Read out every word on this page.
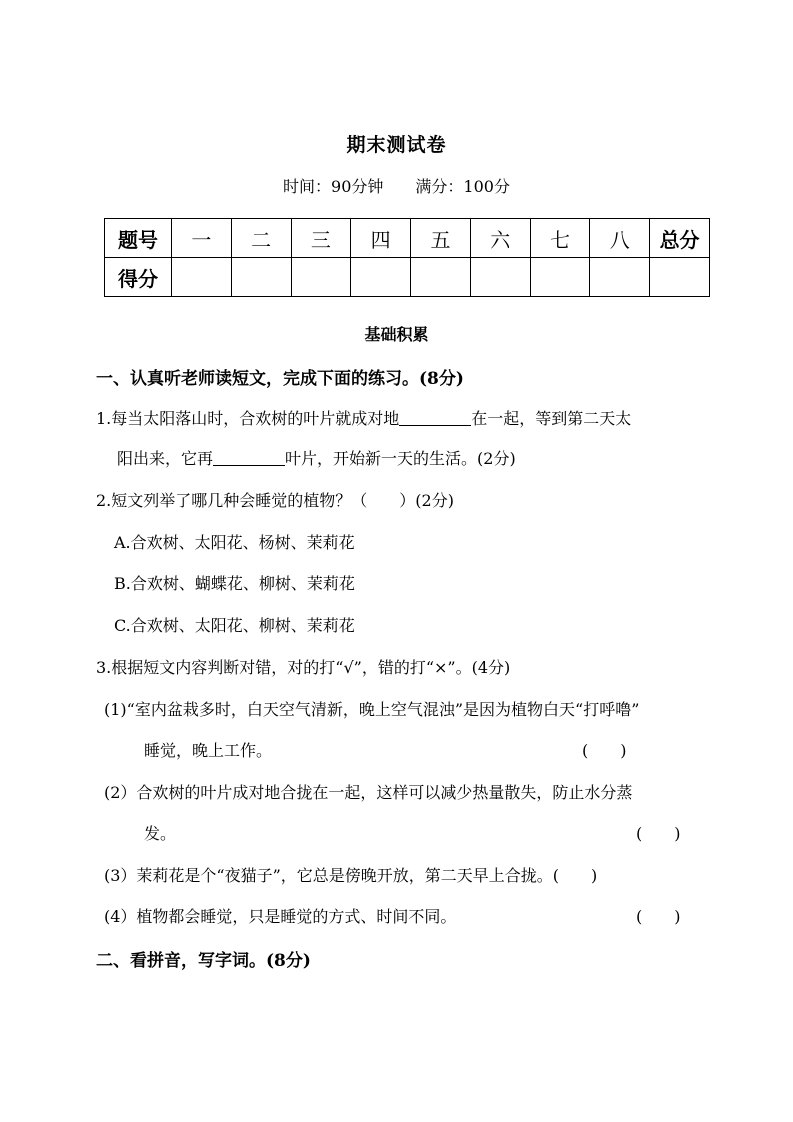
期末测试卷
时间：90分钟 满分：100分
题号	一	二	三	四	五	六	七	八	总分
得分									
基础积累
一、认真听老师读短文，完成下面的练习。(8分)
1.每当太阳落山时，合欢树的叶片就成对地	在一起，等到第二天太
阳出来，它再	叶片，开始新一天的生活。(2分)
2.短文列举了哪几种会睡觉的植物？（　　）(2分)
A.合欢树、太阳花、杨树、茉莉花
B.合欢树、蝴蝶花、柳树、茉莉花
C.合欢树、太阳花、柳树、茉莉花
3.根据短文内容判断对错，对的打“√”，错的打“×”。(4分)
(1)“室内盆栽多时，白天空气清新，晚上空气混浊”是因为植物白天“打呼噜”
睡觉，晚上工作。	(　　)
(2）合欢树的叶片成对地合拢在一起，这样可以减少热量散失，防止水分蒸
发。	(　　)
(3）茉莉花是个“夜猫子”，它总是傍晚开放，第二天早上合拢。(　　)
(4）植物都会睡觉，只是睡觉的方式、时间不同。	(　　)
二、看拼音，写字词。(8分)
